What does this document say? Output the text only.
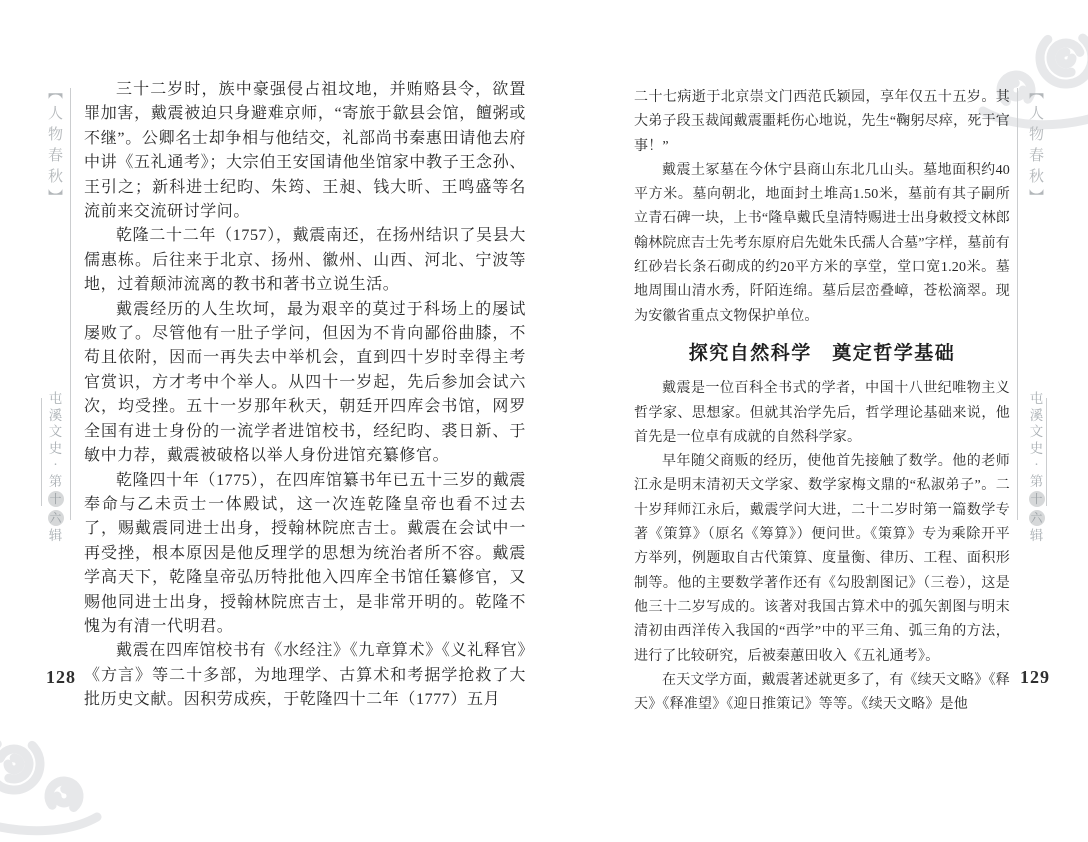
【人物春秋】
屯
溪
文
史
·
第
十
六
辑
128
【人物春秋】
屯
溪
文
史
·
第
十
六
辑
129

三十二岁时，族中豪强侵占祖坟地，并贿赂县令，欲置罪加害，戴震被迫只身避难京师，“寄旅于歙县会馆，饘粥或不继”。公卿名士却争相与他结交，礼部尚书秦惠田请他去府中讲《五礼通考》；大宗伯王安国请他坐馆家中教子王念孙、王引之；新科进士纪昀、朱筠、王昶、钱大昕、王鸣盛等名流前来交流研讨学问。

乾隆二十二年（1757），戴震南还，在扬州结识了吴县大儒惠栋。后往来于北京、扬州、徽州、山西、河北、宁波等地，过着颠沛流离的教书和著书立说生活。

戴震经历的人生坎坷，最为艰辛的莫过于科场上的屡试屡败了。尽管他有一肚子学问，但因为不肯向鄙俗曲膝，不苟且依附，因而一再失去中举机会，直到四十岁时幸得主考官赏识，方才考中个举人。从四十一岁起，先后参加会试六次，均受挫。五十一岁那年秋天，朝廷开四库会书馆，网罗全国有进士身份的一流学者进馆校书，经纪昀、裘日新、于敏中力荐，戴震被破格以举人身份进馆充纂修官。

乾隆四十年（1775），在四库馆纂书年已五十三岁的戴震奉命与乙未贡士一体殿试，这一次连乾隆皇帝也看不过去了，赐戴震同进士出身，授翰林院庶吉士。戴震在会试中一再受挫，根本原因是他反理学的思想为统治者所不容。戴震学高天下，乾隆皇帝弘历特批他入四库全书馆任纂修官，又赐他同进士出身，授翰林院庶吉士，是非常开明的。乾隆不愧为有清一代明君。

戴震在四库馆校书有《水经注》《九章算术》《义礼释官》《方言》等二十多部，为地理学、古算术和考据学抢救了大批历史文献。因积劳成疾，于乾隆四十二年（1777）五月

二十七病逝于北京崇文门西范氏颖园，享年仅五十五岁。其大弟子段玉裁闻戴震噩耗伤心地说，先生“鞠躬尽瘁，死于官事！”

戴震土冢墓在今休宁县商山东北几山头。墓地面积约40平方米。墓向朝北，地面封土堆高1.50米，墓前有其子嗣所立青石碑一块，上书“隆阜戴氏皇清特赐进士出身敕授文林郎翰林院庶吉士先考东原府启先妣朱氏孺人合墓”字样，墓前有红砂岩长条石砌成的约20平方米的享堂，堂口宽1.20米。墓地周围山清水秀，阡陌连绵。墓后层峦叠嶂，苍松滴翠。现为安徽省重点文物保护单位。

探究自然科学　奠定哲学基础

戴震是一位百科全书式的学者，中国十八世纪唯物主义哲学家、思想家。但就其治学先后，哲学理论基础来说，他首先是一位卓有成就的自然科学家。

早年随父商贩的经历，使他首先接触了数学。他的老师江永是明末清初天文学家、数学家梅文鼎的“私淑弟子”。二十岁拜师江永后，戴震学问大进，二十二岁时第一篇数学专著《策算》（原名《筹算》）便问世。《策算》专为乘除开平方举列，例题取自古代策算、度量衡、律历、工程、面积形制等。他的主要数学著作还有《勾股割图记》（三卷），这是他三十二岁写成的。该著对我国古算术中的弧矢割图与明末清初由西洋传入我国的“西学”中的平三角、弧三角的方法，进行了比较研究，后被秦蕙田收入《五礼通考》。

在天文学方面，戴震著述就更多了，有《续天文略》《释天》《释准望》《迎日推策记》等等。《续天文略》是他
